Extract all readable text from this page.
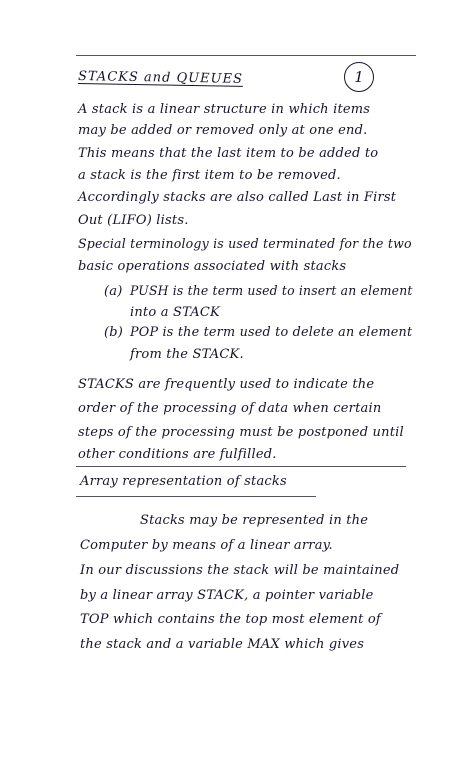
STACKS and QUEUES	1
A stack is a linear structure in which items
may be added or removed only at one end.
This means that the last item to be added to
a stack is the first item to be removed.
Accordingly stacks are also called Last in First
Out (LIFO) lists.
Special terminology is used terminated for the two
basic operations associated with stacks
(a) PUSH is the term used to insert an element
into a STACK
(b) POP is the term used to delete an element
from the STACK.
STACKS are frequently used to indicate the
order of the processing of data when certain
steps of the processing must be postponed until
other conditions are fulfilled.
Array representation of stacks
Stacks may be represented in the
Computer by means of a linear array.
In our discussions the stack will be maintained
by a linear array STACK, a pointer variable
TOP which contains the top most element of
the stack and a variable MAX which gives
